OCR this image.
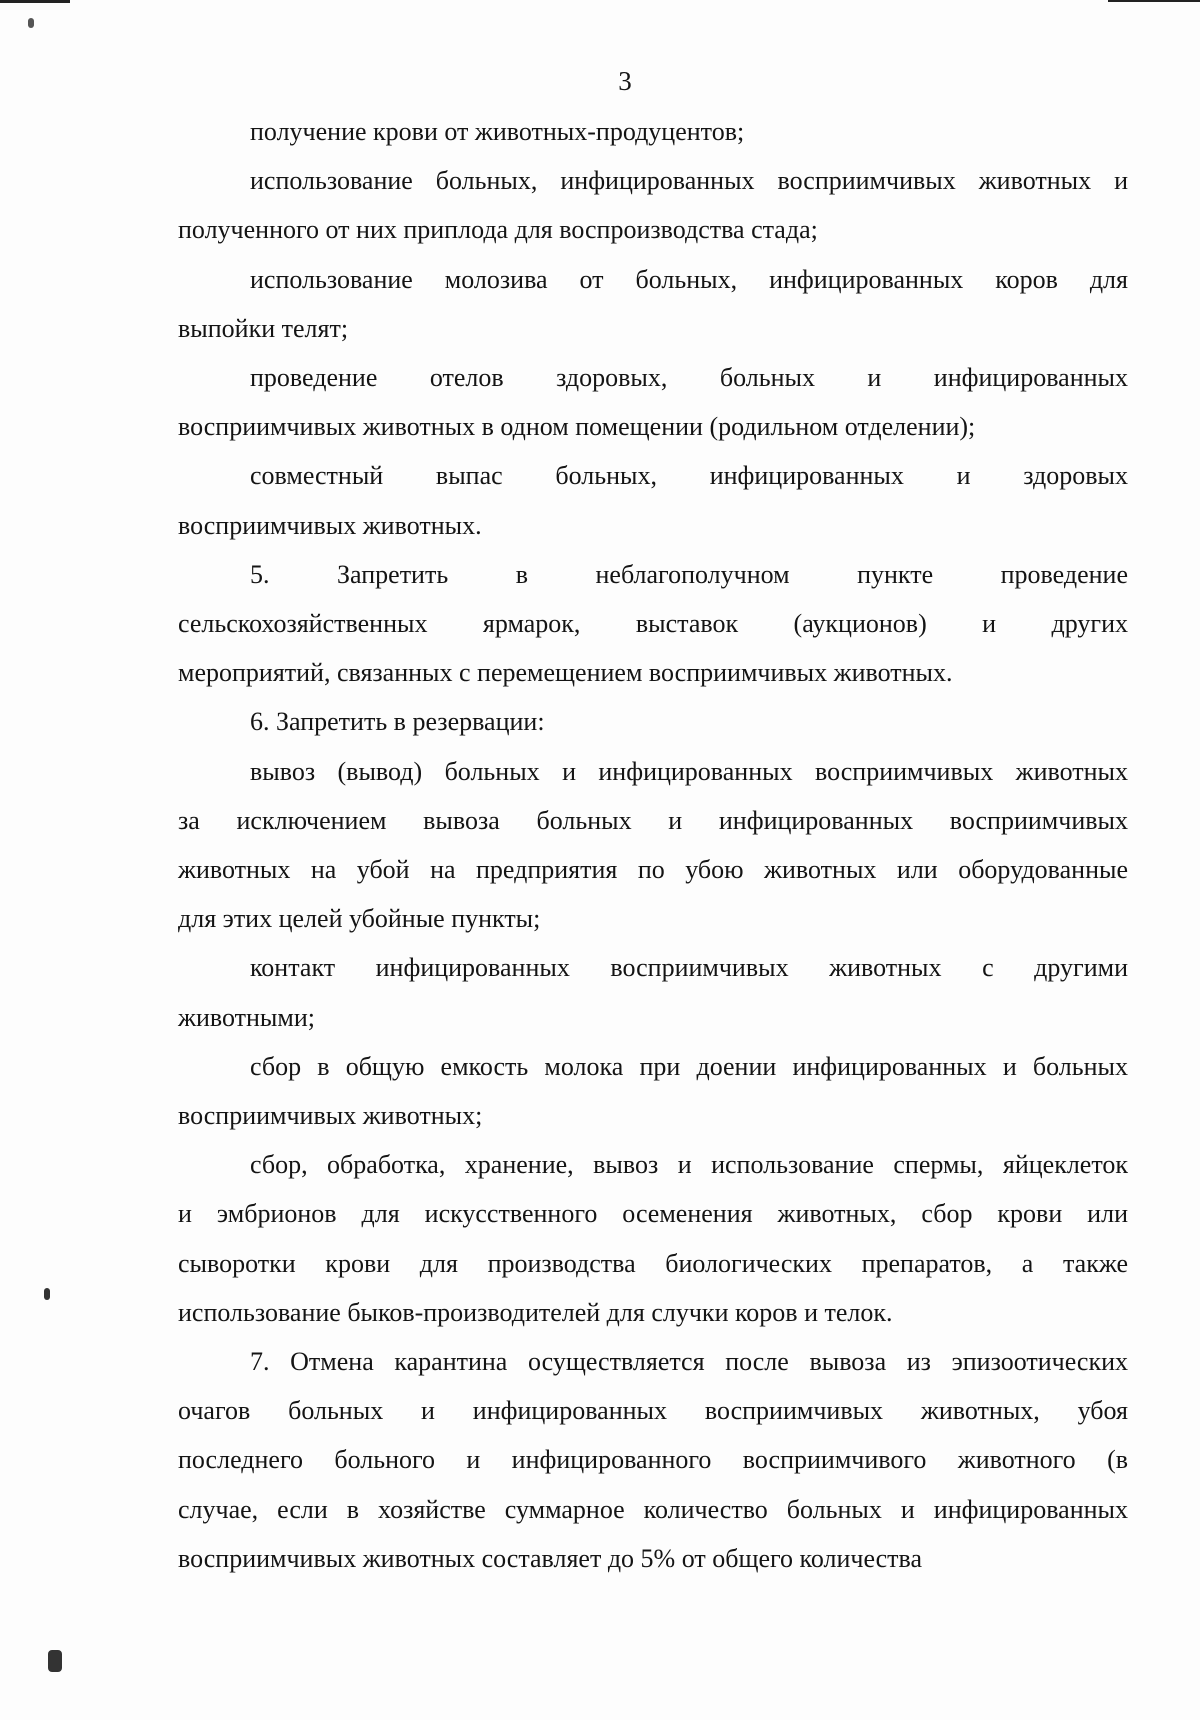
3

получение крови от животных-продуцентов;

использование больных, инфицированных восприимчивых животных и
полученного от них приплода для воспроизводства стада;

использование молозива от больных, инфицированных коров для
выпойки телят;

проведение отелов здоровых, больных и инфицированных
восприимчивых животных в одном помещении (родильном отделении);

совместный выпас больных, инфицированных и здоровых
восприимчивых животных.

5. Запретить в неблагополучном пункте проведение
сельскохозяйственных ярмарок, выставок (аукционов) и других
мероприятий, связанных с перемещением восприимчивых животных.

6. Запретить в резервации:

вывоз (вывод) больных и инфицированных восприимчивых животных
за исключением вывоза больных и инфицированных восприимчивых
животных на убой на предприятия по убою животных или оборудованные
для этих целей убойные пункты;

контакт инфицированных восприимчивых животных с другими
животными;

сбор в общую емкость молока при доении инфицированных и больных
восприимчивых животных;

сбор, обработка, хранение, вывоз и использование спермы, яйцеклеток
и эмбрионов для искусственного осеменения животных, сбор крови или
сыворотки крови для производства биологических препаратов, а также
использование быков-производителей для случки коров и телок.

7. Отмена карантина осуществляется после вывоза из эпизоотических
очагов больных и инфицированных восприимчивых животных, убоя
последнего больного и инфицированного восприимчивого животного (в
случае, если в хозяйстве суммарное количество больных и инфицированных
восприимчивых животных составляет до 5% от общего количества
